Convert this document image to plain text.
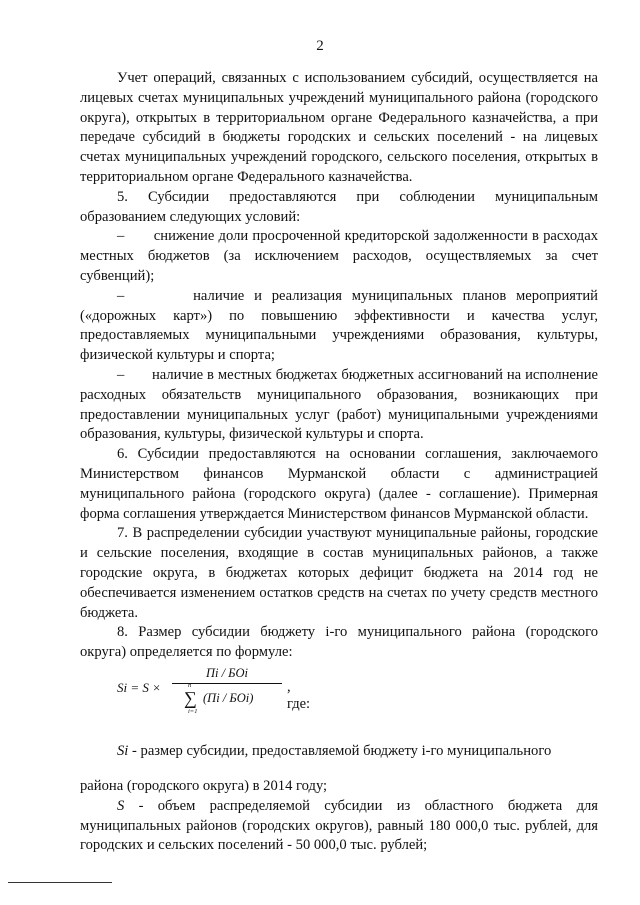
2

Учет операций, связанных с использованием субсидий, осуществляется на лицевых счетах муниципальных учреждений муниципального района (городского округа), открытых в территориальном органе Федерального казначейства, а при передаче субсидий в бюджеты городских и сельских поселений - на лицевых счетах муниципальных учреждений городского, сельского поселения, открытых в территориальном органе Федерального казначейства.

5. Субсидии предоставляются при соблюдении муниципальным образованием следующих условий:

–       снижение доли просроченной кредиторской задолженности в расходах местных бюджетов (за исключением расходов, осуществляемых за счет субвенций);

–       наличие и реализация муниципальных планов мероприятий («дорожных карт») по повышению эффективности и качества услуг, предоставляемых муниципальными учреждениями образования, культуры, физической культуры и спорта;

–       наличие в местных бюджетах бюджетных ассигнований на исполнение расходных обязательств муниципального образования, возникающих при предоставлении муниципальных услуг (работ) муниципальными учреждениями образования, культуры, физической культуры и спорта.

6. Субсидии предоставляются на основании соглашения, заключаемого Министерством финансов Мурманской области с администрацией муниципального района (городского округа) (далее - соглашение). Примерная форма соглашения утверждается Министерством финансов Мурманской области.

7. В распределении субсидии участвуют муниципальные районы, городские и сельские поселения, входящие в состав муниципальных районов, а также городские округа, в бюджетах которых дефицит бюджета на 2014 год не обеспечивается изменением остатков средств на счетах по учету средств местного бюджета.

8. Размер субсидии бюджету i-го муниципального района (городского округа) определяется по формуле:

Si = S ×
Пi / БОi
n
∑
i=1
(Пi / БОi)
, где:

Si - размер субсидии, предоставляемой бюджету i-го муниципального

района (городского округа) в 2014 году;

S - объем распределяемой субсидии из областного бюджета для муниципальных районов (городских округов), равный 180 000,0 тыс. рублей, для городских и сельских поселений - 50 000,0 тыс. рублей;
